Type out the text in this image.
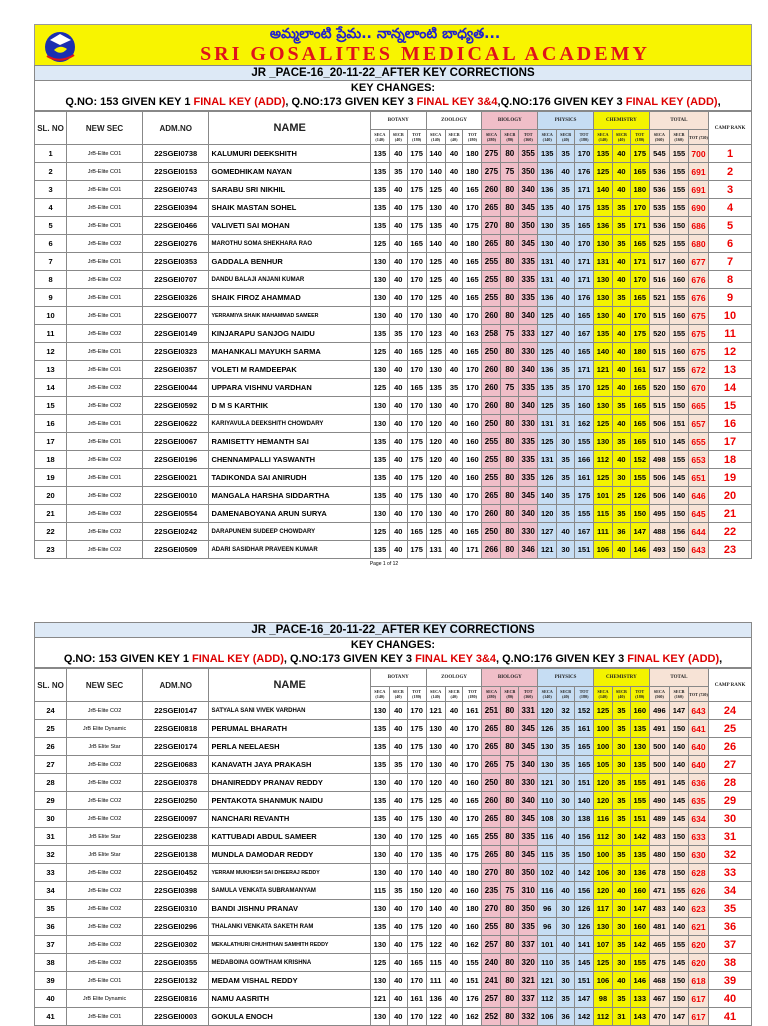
అమ్మలాంటి ప్రేమ.. నాన్నలాంటి బాధ్యత...
SRI GOSALITES MEDICAL ACADEMY
JR _PACE-16_20-11-22_AFTER KEY CORRECTIONS
KEY CHANGES:
Q.NO: 153 GIVEN KEY 1 FINAL KEY (ADD), Q.NO:173 GIVEN KEY 3 FINAL KEY 3&4,Q.NO:176 GIVEN KEY 3 FINAL KEY (ADD),
SL. NO	NEW SEC	ADM.NO	NAME	BOTANY			ZOOLOGY			BIOLOGY			PHYSICS			CHEMISTRY			TOTAL			CAMP RANK
				SECA (140)	SECB (40)	TOT (180)	SECA (140)	SECB (40)	TOT (180)	SECA (280)	SECB (80)	TOT (360)	SECA (140)	SECB (40)	TOT (180)	SECA (140)	SECB (40)	TOT (180)	SECA (560)	SECB (160)	TOT (720)	
1	JrB-Elite CO1	22SGEI0738	KALUMURI DEEKSHITH	135	40	175	140	40	180	275	80	355	135	35	170	135	40	175	545	155	700	1
2	JrB-Elite CO1	22SGEI0153	GOMEDHIKAM NAYAN	135	35	170	140	40	180	275	75	350	136	40	176	125	40	165	536	155	691	2
3	JrB-Elite CO1	22SGEI0743	SARABU SRI NIKHIL	135	40	175	125	40	165	260	80	340	136	35	171	140	40	180	536	155	691	3
4	JrB-Elite CO1	22SGEI0394	SHAIK MASTAN SOHEL	135	40	175	130	40	170	265	80	345	135	40	175	135	35	170	535	155	690	4
5	JrB-Elite CO1	22SGEI0466	VALIVETI SAI MOHAN	135	40	175	135	40	175	270	80	350	130	35	165	136	35	171	536	150	686	5
6	JrB-Elite CO2	22SGEI0276	MAROTHU SOMA SHEKHARA RAO	125	40	165	140	40	180	265	80	345	130	40	170	130	35	165	525	155	680	6
7	JrB-Elite CO1	22SGEI0353	GADDALA BENHUR	130	40	170	125	40	165	255	80	335	131	40	171	131	40	171	517	160	677	7
8	JrB-Elite CO2	22SGEI0707	DANDU BALAJI ANJANI KUMAR	130	40	170	125	40	165	255	80	335	131	40	171	130	40	170	516	160	676	8
9	JrB-Elite CO1	22SGEI0326	SHAIK FIROZ AHAMMAD	130	40	170	125	40	165	255	80	335	136	40	176	130	35	165	521	155	676	9
10	JrB-Elite CO1	22SGEI0077	YERRAMIYA SHAIK MAHAMMAD SAMEER	130	40	170	130	40	170	260	80	340	125	40	165	130	40	170	515	160	675	10
11	JrB-Elite CO2	22SGEI0149	KINJARAPU SANJOG NAIDU	135	35	170	123	40	163	258	75	333	127	40	167	135	40	175	520	155	675	11
12	JrB-Elite CO1	22SGEI0323	MAHANKALI MAYUKH SARMA	125	40	165	125	40	165	250	80	330	125	40	165	140	40	180	515	160	675	12
13	JrB-Elite CO1	22SGEI0357	VOLETI M RAMDEEPAK	130	40	170	130	40	170	260	80	340	136	35	171	121	40	161	517	155	672	13
14	JrB-Elite CO2	22SGEI0044	UPPARA VISHNU VARDHAN	125	40	165	135	35	170	260	75	335	135	35	170	125	40	165	520	150	670	14
15	JrB-Elite CO2	22SGEI0592	D M S KARTHIK	130	40	170	130	40	170	260	80	340	125	35	160	130	35	165	515	150	665	15
16	JrB-Elite CO1	22SGEI0622	KARIYAVULA DEEKSHITH CHOWDARY	130	40	170	120	40	160	250	80	330	131	31	162	125	40	165	506	151	657	16
17	JrB-Elite CO1	22SGEI0067	RAMISETTY HEMANTH SAI	135	40	175	120	40	160	255	80	335	125	30	155	130	35	165	510	145	655	17
18	JrB-Elite CO2	22SGEI0196	CHENNAMPALLI YASWANTH	135	40	175	120	40	160	255	80	335	131	35	166	112	40	152	498	155	653	18
19	JrB-Elite CO1	22SGEI0021	TADIKONDA SAI ANIRUDH	135	40	175	120	40	160	255	80	335	126	35	161	125	30	155	506	145	651	19
20	JrB-Elite CO2	22SGEI0010	MANGALA HARSHA SIDDARTHA	135	40	175	130	40	170	265	80	345	140	35	175	101	25	126	506	140	646	20
21	JrB-Elite CO2	22SGEI0554	DAMENABOYANA ARUN SURYA	130	40	170	130	40	170	260	80	340	120	35	155	115	35	150	495	150	645	21
22	JrB-Elite CO2	22SGEI0242	DARAPUNENI SUDEEP CHOWDARY	125	40	165	125	40	165	250	80	330	127	40	167	111	36	147	488	156	644	22
23	JrB-Elite CO2	22SGEI0509	ADARI SASIDHAR PRAVEEN KUMAR	135	40	175	131	40	171	266	80	346	121	30	151	106	40	146	493	150	643	23
Page 1 of 12
JR _PACE-16_20-11-22_AFTER KEY CORRECTIONS
KEY CHANGES:
Q.NO: 153 GIVEN KEY 1 FINAL KEY (ADD), Q.NO:173 GIVEN KEY 3 FINAL KEY 3&4, Q.NO:176 GIVEN KEY 3 FINAL KEY (ADD),
SL. NO	NEW SEC	ADM.NO	NAME	BOTANY			ZOOLOGY			BIOLOGY			PHYSICS			CHEMISTRY			TOTAL			CAMP RANK
				SECA (140)	SECB (40)	TOT (180)	SECA (140)	SECB (40)	TOT (180)	SECA (280)	SECB (80)	TOT (360)	SECA (140)	SECB (40)	TOT (180)	SECA (140)	SECB (40)	TOT (180)	SECA (560)	SECB (160)	TOT (720)	
24	JrB-Elite CO2	22SGEI0147	SATYALA SANI VIVEK VARDHAN	130	40	170	121	40	161	251	80	331	120	32	152	125	35	160	496	147	643	24
25	JrB Elite Dynamic	22SGEI0818	PERUMAL BHARATH	135	40	175	130	40	170	265	80	345	126	35	161	100	35	135	491	150	641	25
26	JrB Elite Star	22SGEI0174	PERLA NEELAESH	135	40	175	130	40	170	265	80	345	130	35	165	100	30	130	500	140	640	26
27	JrB-Elite CO2	22SGEI0683	KANAVATH JAYA PRAKASH	135	35	170	130	40	170	265	75	340	130	35	165	105	30	135	500	140	640	27
28	JrB-Elite CO2	22SGEI0378	DHANIREDDY PRANAV REDDY	130	40	170	120	40	160	250	80	330	121	30	151	120	35	155	491	145	636	28
29	JrB-Elite CO2	22SGEI0250	PENTAKOTA SHANMUK NAIDU	135	40	175	125	40	165	260	80	340	110	30	140	120	35	155	490	145	635	29
30	JrB-Elite CO2	22SGEI0097	NANCHARI REVANTH	135	40	175	130	40	170	265	80	345	108	30	138	116	35	151	489	145	634	30
31	JrB Elite Star	22SGEI0238	KATTUBADI ABDUL SAMEER	130	40	170	125	40	165	255	80	335	116	40	156	112	30	142	483	150	633	31
32	JrB Elite Star	22SGEI0138	MUNDLA DAMODAR REDDY	130	40	170	135	40	175	265	80	345	115	35	150	100	35	135	480	150	630	32
33	JrB-Elite CO2	22SGEI0452	YERRAM MUKHESH SAI DHEERAJ REDDY	130	40	170	140	40	180	270	80	350	102	40	142	106	30	136	478	150	628	33
34	JrB-Elite CO2	22SGEI0398	SAMULA VENKATA SUBRAMANYAM	115	35	150	120	40	160	235	75	310	116	40	156	120	40	160	471	155	626	34
35	JrB-Elite CO2	22SGEI0310	BANDI JISHNU PRANAV	130	40	170	140	40	180	270	80	350	96	30	126	117	30	147	483	140	623	35
36	JrB-Elite CO2	22SGEI0296	THALANKI VENKATA SAKETH RAM	135	40	175	120	40	160	255	80	335	96	30	126	130	30	160	481	140	621	36
37	JrB-Elite CO2	22SGEI0302	MEKALATHURI CHUHITHAN SAMHITH REDDY	130	40	175	122	40	162	257	80	337	101	40	141	107	35	142	465	155	620	37
38	JrB-Elite CO2	22SGEI0355	MEDABOINA GOWTHAM KRISHNA	125	40	165	115	40	155	240	80	320	110	35	145	125	30	155	475	145	620	38
39	JrB-Elite CO1	22SGEI0132	MEDAM VISHAL REDDY	130	40	170	111	40	151	241	80	321	121	30	151	106	40	146	468	150	618	39
40	JrB Elite Dynamic	22SGEI0816	NAMU AASRITH	121	40	161	136	40	176	257	80	337	112	35	147	98	35	133	467	150	617	40
41	JrB-Elite CO1	22SGEI0003	GOKULA ENOCH	130	40	170	122	40	162	252	80	332	106	36	142	112	31	143	470	147	617	41
